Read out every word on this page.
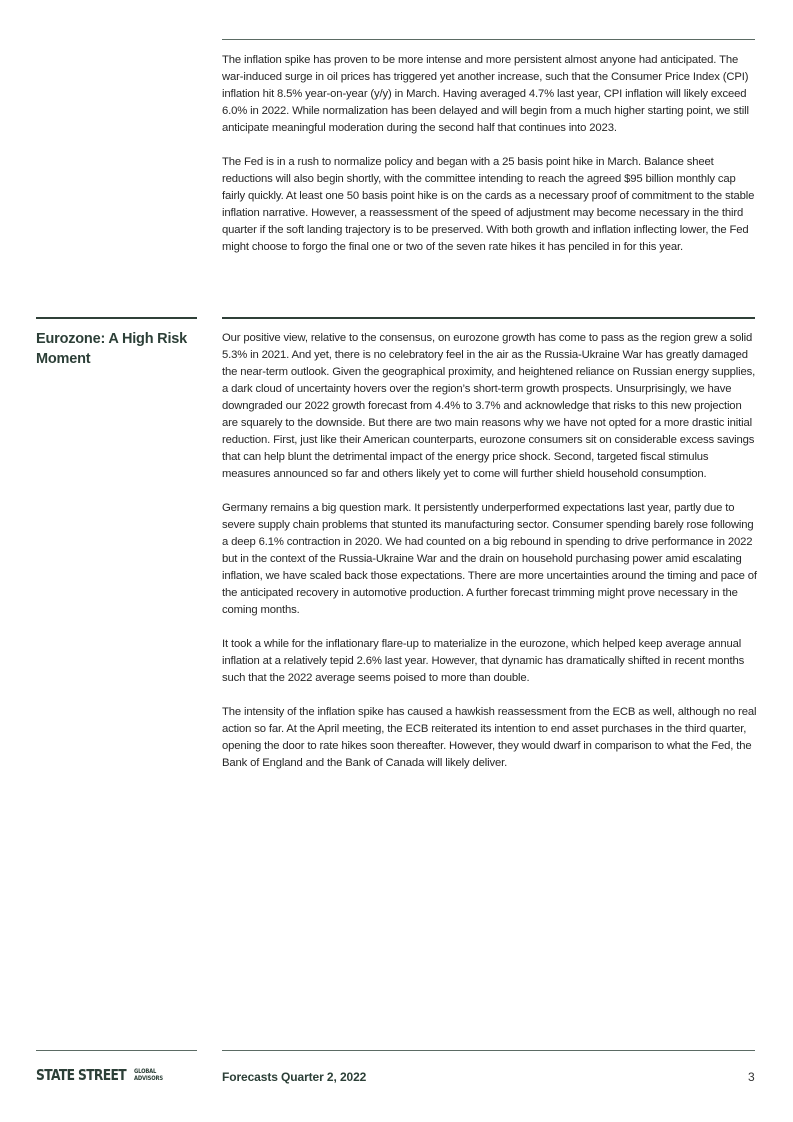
The inflation spike has proven to be more intense and more persistent almost anyone had anticipated. The war-induced surge in oil prices has triggered yet another increase, such that the Consumer Price Index (CPI) inflation hit 8.5% year-on-year (y/y) in March. Having averaged 4.7% last year, CPI inflation will likely exceed 6.0% in 2022. While normalization has been delayed and will begin from a much higher starting point, we still anticipate meaningful moderation during the second half that continues into 2023.

The Fed is in a rush to normalize policy and began with a 25 basis point hike in March. Balance sheet reductions will also begin shortly, with the committee intending to reach the agreed $95 billion monthly cap fairly quickly. At least one 50 basis point hike is on the cards as a necessary proof of commitment to the stable inflation narrative. However, a reassessment of the speed of adjustment may become necessary in the third quarter if the soft landing trajectory is to be preserved. With both growth and inflation inflecting lower, the Fed might choose to forgo the final one or two of the seven rate hikes it has penciled in for this year.

Eurozone: A High Risk Moment

Our positive view, relative to the consensus, on eurozone growth has come to pass as the region grew a solid 5.3% in 2021. And yet, there is no celebratory feel in the air as the Russia-Ukraine War has greatly damaged the near-term outlook. Given the geographical proximity, and heightened reliance on Russian energy supplies, a dark cloud of uncertainty hovers over the region’s short-term growth prospects. Unsurprisingly, we have downgraded our 2022 growth forecast from 4.4% to 3.7% and acknowledge that risks to this new projection are squarely to the downside. But there are two main reasons why we have not opted for a more drastic initial reduction. First, just like their American counterparts, eurozone consumers sit on considerable excess savings that can help blunt the detrimental impact of the energy price shock. Second, targeted fiscal stimulus measures announced so far and others likely yet to come will further shield household consumption.

Germany remains a big question mark. It persistently underperformed expectations last year, partly due to severe supply chain problems that stunted its manufacturing sector. Consumer spending barely rose following a deep 6.1% contraction in 2020. We had counted on a big rebound in spending to drive performance in 2022 but in the context of the Russia-Ukraine War and the drain on household purchasing power amid escalating inflation, we have scaled back those expectations. There are more uncertainties around the timing and pace of the anticipated recovery in automotive production. A further forecast trimming might prove necessary in the coming months.

It took a while for the inflationary flare-up to materialize in the eurozone, which helped keep average annual inflation at a relatively tepid 2.6% last year. However, that dynamic has dramatically shifted in recent months such that the 2022 average seems poised to more than double.

The intensity of the inflation spike has caused a hawkish reassessment from the ECB as well, although no real action so far. At the April meeting, the ECB reiterated its intention to end asset purchases in the third quarter, opening the door to rate hikes soon thereafter. However, they would dwarf in comparison to what the Fed, the Bank of England and the Bank of Canada will likely deliver.

STATE STREET GLOBAL
ADVISORS	Forecasts Quarter 2, 2022	3
